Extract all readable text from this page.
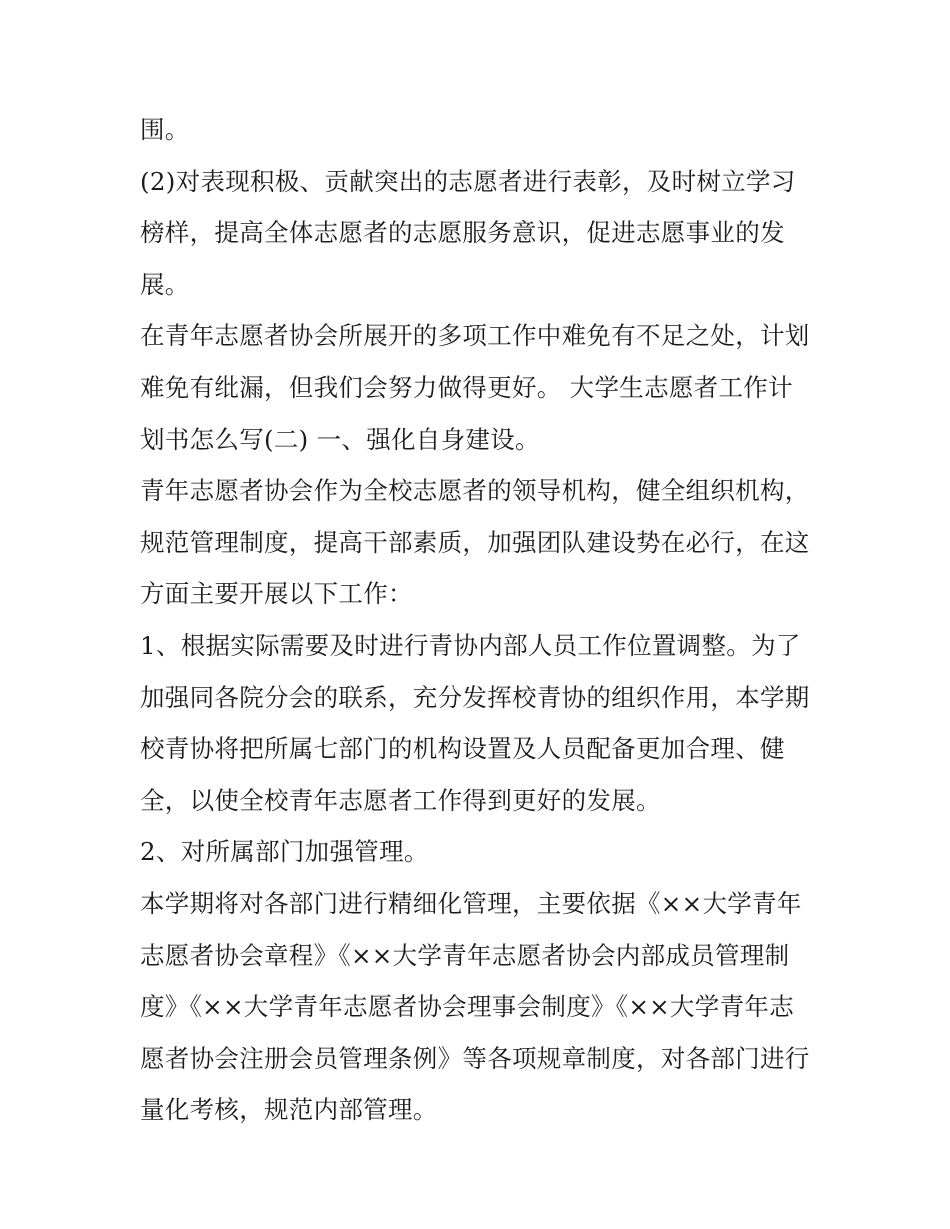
围。
(2)对表现积极、贡献突出的志愿者进行表彰，及时树立学习
榜样，提高全体志愿者的志愿服务意识，促进志愿事业的发
展。
在青年志愿者协会所展开的多项工作中难免有不足之处，计划
难免有纰漏，但我们会努力做得更好。 大学生志愿者工作计
划书怎么写(二) 一、强化自身建设。
青年志愿者协会作为全校志愿者的领导机构，健全组织机构，
规范管理制度，提高干部素质，加强团队建设势在必行，在这
方面主要开展以下工作：
1、根据实际需要及时进行青协内部人员工作位置调整。为了
加强同各院分会的联系，充分发挥校青协的组织作用，本学期
校青协将把所属七部门的机构设置及人员配备更加合理、健
全，以使全校青年志愿者工作得到更好的发展。
2、对所属部门加强管理。
本学期将对各部门进行精细化管理，主要依据《××大学青年
志愿者协会章程》《××大学青年志愿者协会内部成员管理制
度》《××大学青年志愿者协会理事会制度》《××大学青年志
愿者协会注册会员管理条例》等各项规章制度，对各部门进行
量化考核，规范内部管理。
